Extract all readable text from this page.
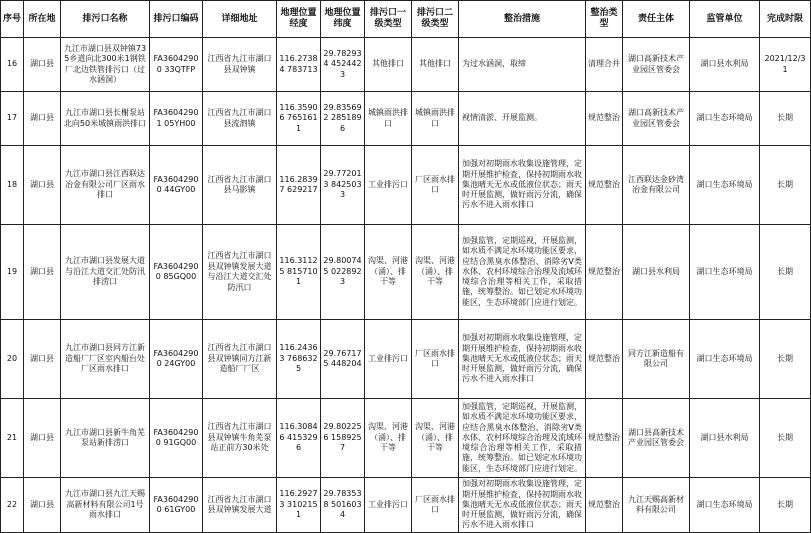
序号	所在地	排污口名称	排污口编码	详细地址	地理位置经度	地理位置纬度	排污口一级类型	排污口二级类型	整治措施	整治类型	责任主体	监管单位	完成时限
16	湖口县	九江市湖口县双钟镇735乡道向北300米1钢铁厂北边铁管排污口（过水涵洞）	FA36042900 33QTFP	江西省九江市湖口县双钟镇	116.27384 783713	29.782934 4524423	其他排口	其他排口	为过水涵洞，取缔	清理合并	湖口高新技术产业园区管委会	湖口县水利局	2021/12/31
17	湖口县	九江市湖口县长榭泵站北向50米城镇雨洪排口	FA36042901 05YH00	江西省九江市湖口县流泗镇	116.35906 7651611	29.835692 2851896	城镇雨洪排口	城镇雨洪排口	视情清淤、开展监测。	规范整治	湖口高新技术产业园区管委会	湖口生态环境局	长期
18	湖口县	九江市湖口县江西联达冶金有限公司厂区雨水排口	FA36042900 44GY00	江西省九江市湖口县马影镇	116.28397 629217	29.772013 8425033	工业排污口	厂区雨水排口	加强对初期雨水收集设施管理，定期开展维护检查，保持初期雨水收集池晴天无水或低液位状态；雨天时开展监测，做好雨污分流，确保污水不进入雨水排口	规范整治	江西联达金砂湾冶金有限公司	湖口生态环境局	长期
19	湖口县	九江市湖口县发展大道与沿江大道交汇处防汛排涝口	FA36042900 85GQ00	江西省九江市湖口县双钟镇发展大道与沿江大道交汇处防汛口	116.31125 8157101	29.800745 0228923	沟渠、河港（涌）、排干等	沟渠、河港（涌）、排干等	加强监管，定期巡视，开展监测，如水质不满足水环境功能区要求，应结合黑臭水体整治、消除劣Ⅴ类水体、农村环境综合治理及流域环境综合治理等相关工作，采取措施，统筹整治。如已划定水环境功能区，生态环境部门应进行划定。	规范整治	湖口县水利局	湖口生态环境局	长期
20	湖口县	九江市湖口县同方江新造船厂厂区室内船台处厂区雨水排口	FA36042900 24GY00	江西省九江市湖口县双钟镇同方江新造船厂厂区	116.24363 7686325	29.767175 448204	工业排污口	厂区雨水排口	加强对初期雨水收集设施管理，定期开展维护检查，保持初期雨水收集池晴天无水或低液位状态；雨天时开展监测，做好雨污分流，确保污水不进入雨水排口	规范整治	同方江新造船有限公司	湖口生态环境局	长期
21	湖口县	九江市湖口县新牛角芜泵站新排涝口	FA36042900 91GQ00	江西省九江市湖口县双钟镇牛角芜泵站正前方30米处	116.30846 4153296	29.802256 1589257	沟渠、河港（涌）、排干等	沟渠、河港（涌）、排干等	加强监管，定期巡视，开展监测，如水质不满足水环境功能区要求，应结合黑臭水体整治、消除劣Ⅴ类水体、农村环境综合治理及流域环境综合治理等相关工作，采取措施，统筹整治。如已划定水环境功能区，生态环境部门应进行划定。	规范整治	湖口县高新技术产业园区管委会	湖口县水利局	长期
22	湖口县	九江市湖口县九江天赐高新材料有限公司1号雨水排口	FA36042900 61GY00	江西省九江市湖口县双钟镇发展大道	116.29273 3102151	29.783538 5016034	工业排污口	厂区雨水排口	加强对初期雨水收集设施管理，定期开展维护检查，保持初期雨水收集池晴天无水或低液位状态；雨天时开展监测，做好雨污分流，确保污水不进入雨水排口	规范整治	九江天赐高新材料有限公司	湖口生态环境局	长期
